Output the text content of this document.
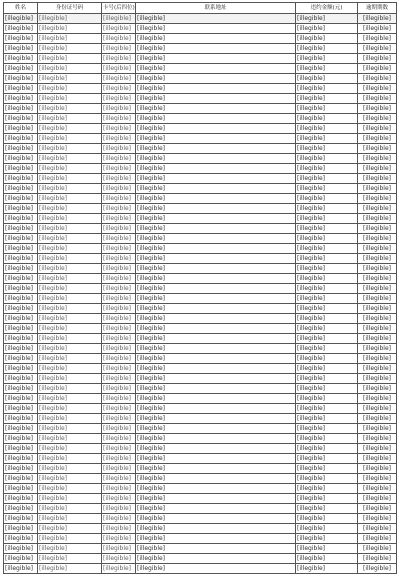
姓名	身份证号码	卡号(后四位)	联系地址	违约金额(元)	逾期期数
[illegible]	[illegible]	[illegible]	[illegible]	[illegible]	[illegible]
[illegible]	[illegible]	[illegible]	[illegible]	[illegible]	[illegible]
[illegible]	[illegible]	[illegible]	[illegible]	[illegible]	[illegible]
[illegible]	[illegible]	[illegible]	[illegible]	[illegible]	[illegible]
[illegible]	[illegible]	[illegible]	[illegible]	[illegible]	[illegible]
[illegible]	[illegible]	[illegible]	[illegible]	[illegible]	[illegible]
[illegible]	[illegible]	[illegible]	[illegible]	[illegible]	[illegible]
[illegible]	[illegible]	[illegible]	[illegible]	[illegible]	[illegible]
[illegible]	[illegible]	[illegible]	[illegible]	[illegible]	[illegible]
[illegible]	[illegible]	[illegible]	[illegible]	[illegible]	[illegible]
[illegible]	[illegible]	[illegible]	[illegible]	[illegible]	[illegible]
[illegible]	[illegible]	[illegible]	[illegible]	[illegible]	[illegible]
[illegible]	[illegible]	[illegible]	[illegible]	[illegible]	[illegible]
[illegible]	[illegible]	[illegible]	[illegible]	[illegible]	[illegible]
[illegible]	[illegible]	[illegible]	[illegible]	[illegible]	[illegible]
[illegible]	[illegible]	[illegible]	[illegible]	[illegible]	[illegible]
[illegible]	[illegible]	[illegible]	[illegible]	[illegible]	[illegible]
[illegible]	[illegible]	[illegible]	[illegible]	[illegible]	[illegible]
[illegible]	[illegible]	[illegible]	[illegible]	[illegible]	[illegible]
[illegible]	[illegible]	[illegible]	[illegible]	[illegible]	[illegible]
[illegible]	[illegible]	[illegible]	[illegible]	[illegible]	[illegible]
[illegible]	[illegible]	[illegible]	[illegible]	[illegible]	[illegible]
[illegible]	[illegible]	[illegible]	[illegible]	[illegible]	[illegible]
[illegible]	[illegible]	[illegible]	[illegible]	[illegible]	[illegible]
[illegible]	[illegible]	[illegible]	[illegible]	[illegible]	[illegible]
[illegible]	[illegible]	[illegible]	[illegible]	[illegible]	[illegible]
[illegible]	[illegible]	[illegible]	[illegible]	[illegible]	[illegible]
[illegible]	[illegible]	[illegible]	[illegible]	[illegible]	[illegible]
[illegible]	[illegible]	[illegible]	[illegible]	[illegible]	[illegible]
[illegible]	[illegible]	[illegible]	[illegible]	[illegible]	[illegible]
[illegible]	[illegible]	[illegible]	[illegible]	[illegible]	[illegible]
[illegible]	[illegible]	[illegible]	[illegible]	[illegible]	[illegible]
[illegible]	[illegible]	[illegible]	[illegible]	[illegible]	[illegible]
[illegible]	[illegible]	[illegible]	[illegible]	[illegible]	[illegible]
[illegible]	[illegible]	[illegible]	[illegible]	[illegible]	[illegible]
[illegible]	[illegible]	[illegible]	[illegible]	[illegible]	[illegible]
[illegible]	[illegible]	[illegible]	[illegible]	[illegible]	[illegible]
[illegible]	[illegible]	[illegible]	[illegible]	[illegible]	[illegible]
[illegible]	[illegible]	[illegible]	[illegible]	[illegible]	[illegible]
[illegible]	[illegible]	[illegible]	[illegible]	[illegible]	[illegible]
[illegible]	[illegible]	[illegible]	[illegible]	[illegible]	[illegible]
[illegible]	[illegible]	[illegible]	[illegible]	[illegible]	[illegible]
[illegible]	[illegible]	[illegible]	[illegible]	[illegible]	[illegible]
[illegible]	[illegible]	[illegible]	[illegible]	[illegible]	[illegible]
[illegible]	[illegible]	[illegible]	[illegible]	[illegible]	[illegible]
[illegible]	[illegible]	[illegible]	[illegible]	[illegible]	[illegible]
[illegible]	[illegible]	[illegible]	[illegible]	[illegible]	[illegible]
[illegible]	[illegible]	[illegible]	[illegible]	[illegible]	[illegible]
[illegible]	[illegible]	[illegible]	[illegible]	[illegible]	[illegible]
[illegible]	[illegible]	[illegible]	[illegible]	[illegible]	[illegible]
[illegible]	[illegible]	[illegible]	[illegible]	[illegible]	[illegible]
[illegible]	[illegible]	[illegible]	[illegible]	[illegible]	[illegible]
[illegible]	[illegible]	[illegible]	[illegible]	[illegible]	[illegible]
[illegible]	[illegible]	[illegible]	[illegible]	[illegible]	[illegible]
[illegible]	[illegible]	[illegible]	[illegible]	[illegible]	[illegible]
[illegible]	[illegible]	[illegible]	[illegible]	[illegible]	[illegible]
